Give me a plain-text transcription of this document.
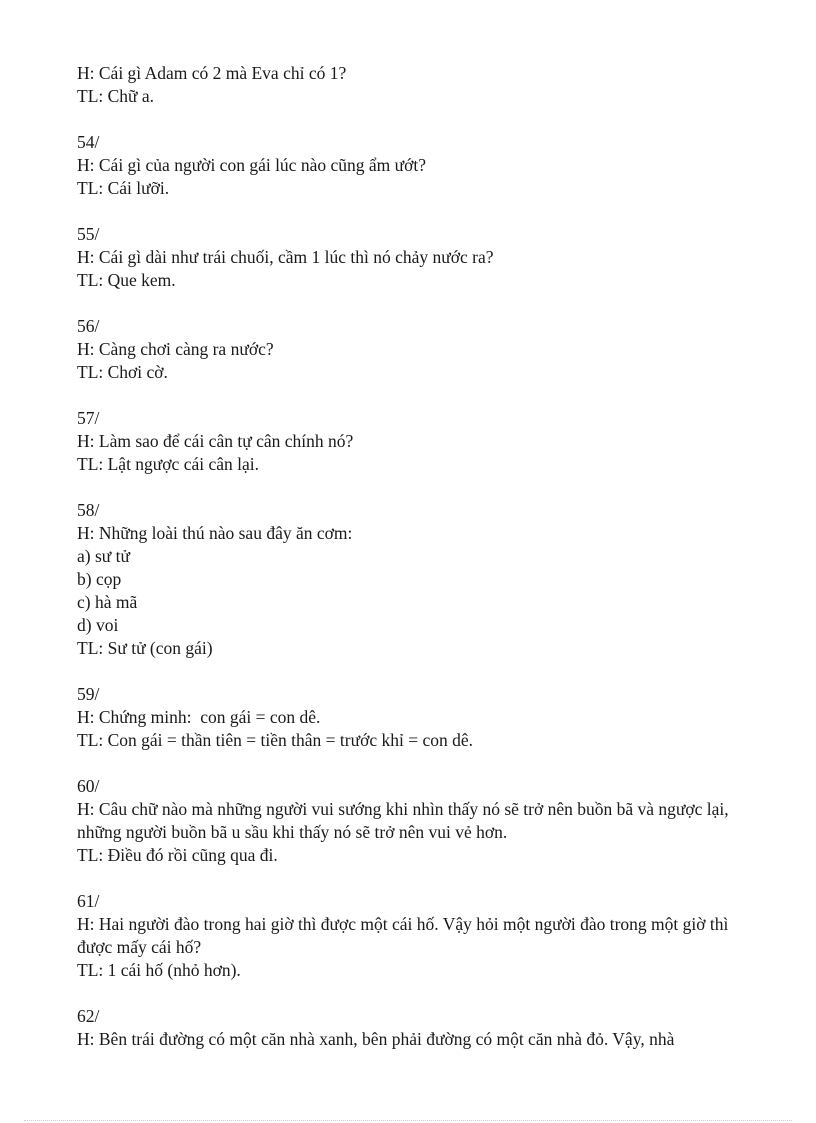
H: Cái gì Adam có 2 mà Eva chỉ có 1?
TL: Chữ a.
54/
H: Cái gì của người con gái lúc nào cũng ẩm ướt?
TL: Cái lưỡi.
55/
H: Cái gì dài như trái chuối, cầm 1 lúc thì nó chảy nước ra?
TL: Que kem.
56/
H: Càng chơi càng ra nước?
TL: Chơi cờ.
57/
H: Làm sao để cái cân tự cân chính nó?
TL: Lật ngược cái cân lại.
58/
H: Những loài thú nào sau đây ăn cơm:
a) sư tử
b) cọp
c) hà mã
d) voi
TL: Sư tử (con gái)
59/
H: Chứng minh:  con gái = con dê.
TL: Con gái = thần tiên = tiền thân = trước khỉ = con dê.
60/
H: Câu chữ nào mà những người vui sướng khi nhìn thấy nó sẽ trở nên buồn bã và ngược lại, những người buồn bã u sầu khi thấy nó sẽ trở nên vui vẻ hơn.
TL: Điều đó rồi cũng qua đi.
61/
H: Hai người đào trong hai giờ thì được một cái hố. Vậy hỏi một người đào trong một giờ thì được mấy cái hố?
TL: 1 cái hố (nhỏ hơn).
62/
H: Bên trái đường có một căn nhà xanh, bên phải đường có một căn nhà đỏ. Vậy, nhà
